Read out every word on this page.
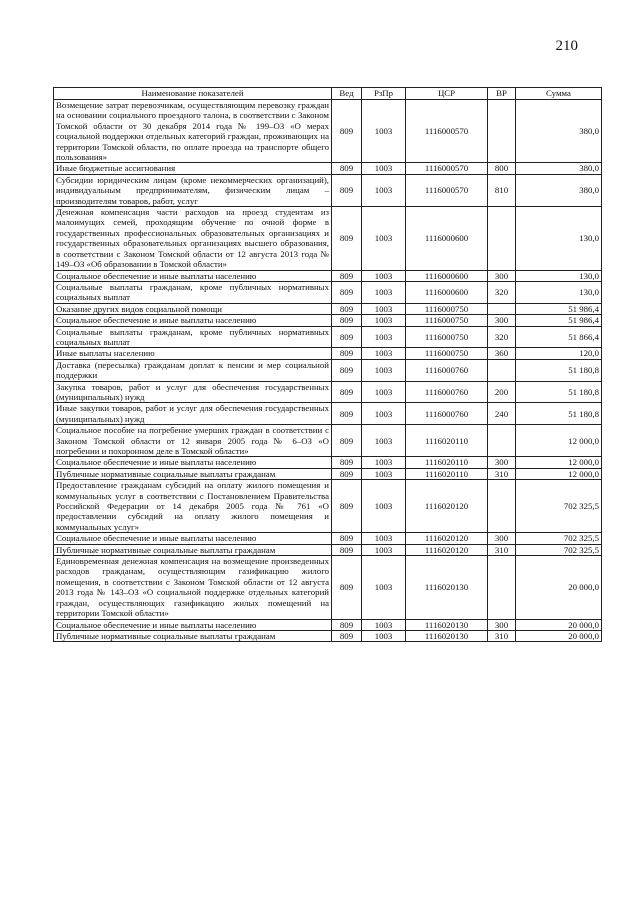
210
Наименование показателей	Вед	РзПр	ЦСР	ВР	Сумма
Возмещение затрат перевозчикам, осуществляющим перевозку граждан на основании социального проездного талона, в соответствии с Законом Томской области от 30 декабря 2014 года № 199–ОЗ «О мерах социальной поддержки отдельных категорий граждан, проживающих на территории Томской области, по оплате проезда на транспорте общего пользования»	809	1003	1116000570		380,0
Иные бюджетные ассигнования	809	1003	1116000570	800	380,0
Субсидии юридическим лицам (кроме некоммерческих организаций), индивидуальным предпринимателям, физическим лицам – производителям товаров, работ, услуг	809	1003	1116000570	810	380,0
Денежная компенсация части расходов на проезд студентам из малоимущих семей, проходящим обучение по очной форме в государственных профессиональных образовательных организациях и государственных образовательных организациях высшего образования, в соответствии с Законом Томской области от 12 августа 2013 года № 149–ОЗ «Об образовании в Томской области»	809	1003	1116000600		130,0
Социальное обеспечение и иные выплаты населению	809	1003	1116000600	300	130,0
Социальные выплаты гражданам, кроме публичных нормативных социальных выплат	809	1003	1116000600	320	130,0
Оказание других видов социальной помощи	809	1003	1116000750		51 986,4
Социальное обеспечение и иные выплаты населению	809	1003	1116000750	300	51 986,4
Социальные выплаты гражданам, кроме публичных нормативных социальных выплат	809	1003	1116000750	320	51 866,4
Иные выплаты населению	809	1003	1116000750	360	120,0
Доставка (пересылка) гражданам доплат к пенсии и мер социальной поддержки	809	1003	1116000760		51 180,8
Закупка товаров, работ и услуг для обеспечения государственных (муниципальных) нужд	809	1003	1116000760	200	51 180,8
Иные закупки товаров, работ и услуг для обеспечения государственных (муниципальных) нужд	809	1003	1116000760	240	51 180,8
Социальное пособие на погребение умерших граждан в соответствии с Законом Томской области от 12 января 2005 года № 6–ОЗ «О погребении и похоронном деле в Томской области»	809	1003	1116020110		12 000,0
Социальное обеспечение и иные выплаты населению	809	1003	1116020110	300	12 000,0
Публичные нормативные социальные выплаты гражданам	809	1003	1116020110	310	12 000,0
Предоставление гражданам субсидий на оплату жилого помещения и коммунальных услуг в соответствии с Постановлением Правительства Российской Федерации от 14 декабря 2005 года № 761 «О предоставлении субсидий на оплату жилого помещения и коммунальных услуг»	809	1003	1116020120		702 325,5
Социальное обеспечение и иные выплаты населению	809	1003	1116020120	300	702 325,5
Публичные нормативные социальные выплаты гражданам	809	1003	1116020120	310	702 325,5
Единовременная денежная компенсация на возмещение произведенных расходов гражданам, осуществляющим газификацию жилого помещения, в соответствии с Законом Томской области от 12 августа 2013 года № 143–ОЗ «О социальной поддержке отдельных категорий граждан, осуществляющих газификацию жилых помещений на территории Томской области»	809	1003	1116020130		20 000,0
Социальное обеспечение и иные выплаты населению	809	1003	1116020130	300	20 000,0
Публичные нормативные социальные выплаты гражданам	809	1003	1116020130	310	20 000,0
